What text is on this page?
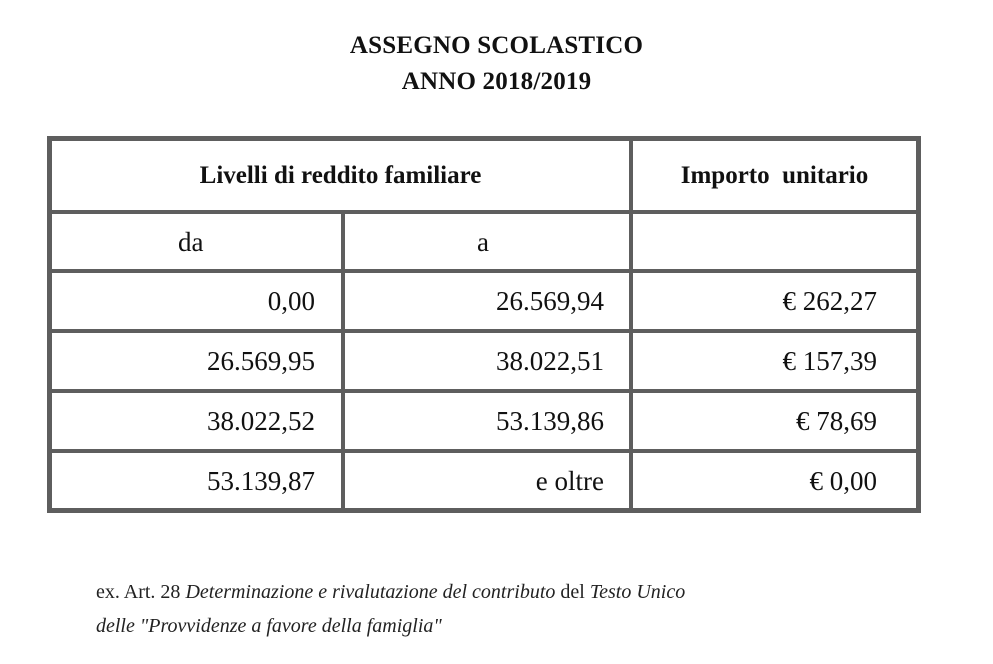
ASSEGNO SCOLASTICO
ANNO 2018/2019
Livelli di reddito familiare	Importo  unitario
da	a
0,00	26.569,94	€ 262,27
26.569,95	38.022,51	€ 157,39
38.022,52	53.139,86	€ 78,69
53.139,87	e oltre	€ 0,00
ex. Art. 28 Determinazione e rivalutazione del contributo del Testo Unico
delle "Provvidenze a favore della famiglia"
